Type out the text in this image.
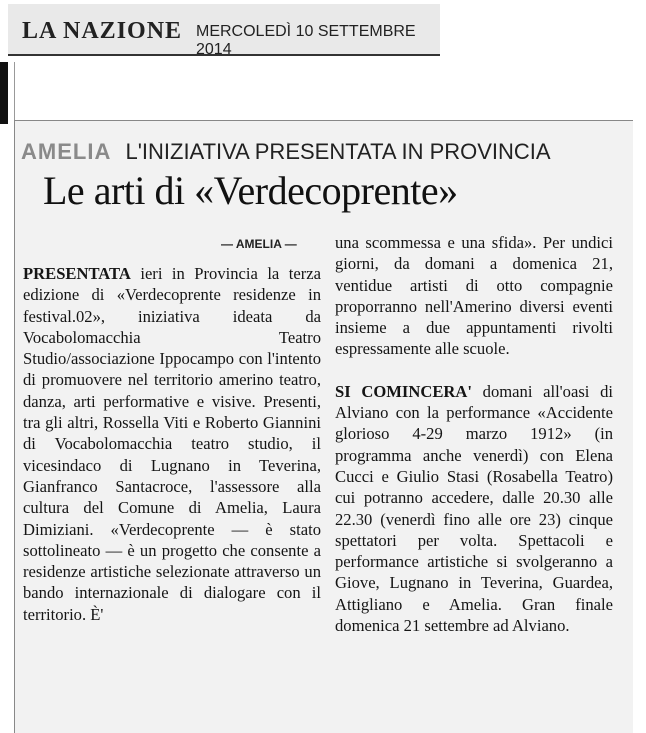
LA NAZIONE MERCOLEDÌ 10 SETTEMBRE 2014
AMELIA L'INIZIATIVA PRESENTATA IN PROVINCIA
Le arti di «Verdecoprente»
— AMELIA —

PRESENTATA ieri in Provincia la terza edizione di «Verdecoprente residenze in festival.02», iniziativa ideata da Vocabolomacchia Teatro Studio/associazione Ippocampo con l'intento di promuovere nel territorio amerino teatro, danza, arti performative e visive. Presenti, tra gli altri, Rossella Viti e Roberto Giannini di Vocabolomacchia teatro studio, il vicesindaco di Lugnano in Teverina, Gianfranco Santacroce, l'assessore alla cultura del Comune di Amelia, Laura Dimiziani. «Verdecoprente — è stato sottolineato — è un progetto che consente a residenze artistiche selezionate attraverso un bando internazionale di dialogare con il territorio. È'

una scommessa e una sfida». Per undici giorni, da domani a domenica 21, ventidue artisti di otto compagnie proporranno nell'Amerino diversi eventi insieme a due appuntamenti rivolti espressamente alle scuole.

SI COMINCERA' domani all'oasi di Alviano con la performance «Accidente glorioso 4-29 marzo 1912» (in programma anche venerdì) con Elena Cucci e Giulio Stasi (Rosabella Teatro) cui potranno accedere, dalle 20.30 alle 22.30 (venerdì fino alle ore 23) cinque spettatori per volta. Spettacoli e performance artistiche si svolgeranno a Giove, Lugnano in Teverina, Guardea, Attigliano e Amelia. Gran finale domenica 21 settembre ad Alviano.
